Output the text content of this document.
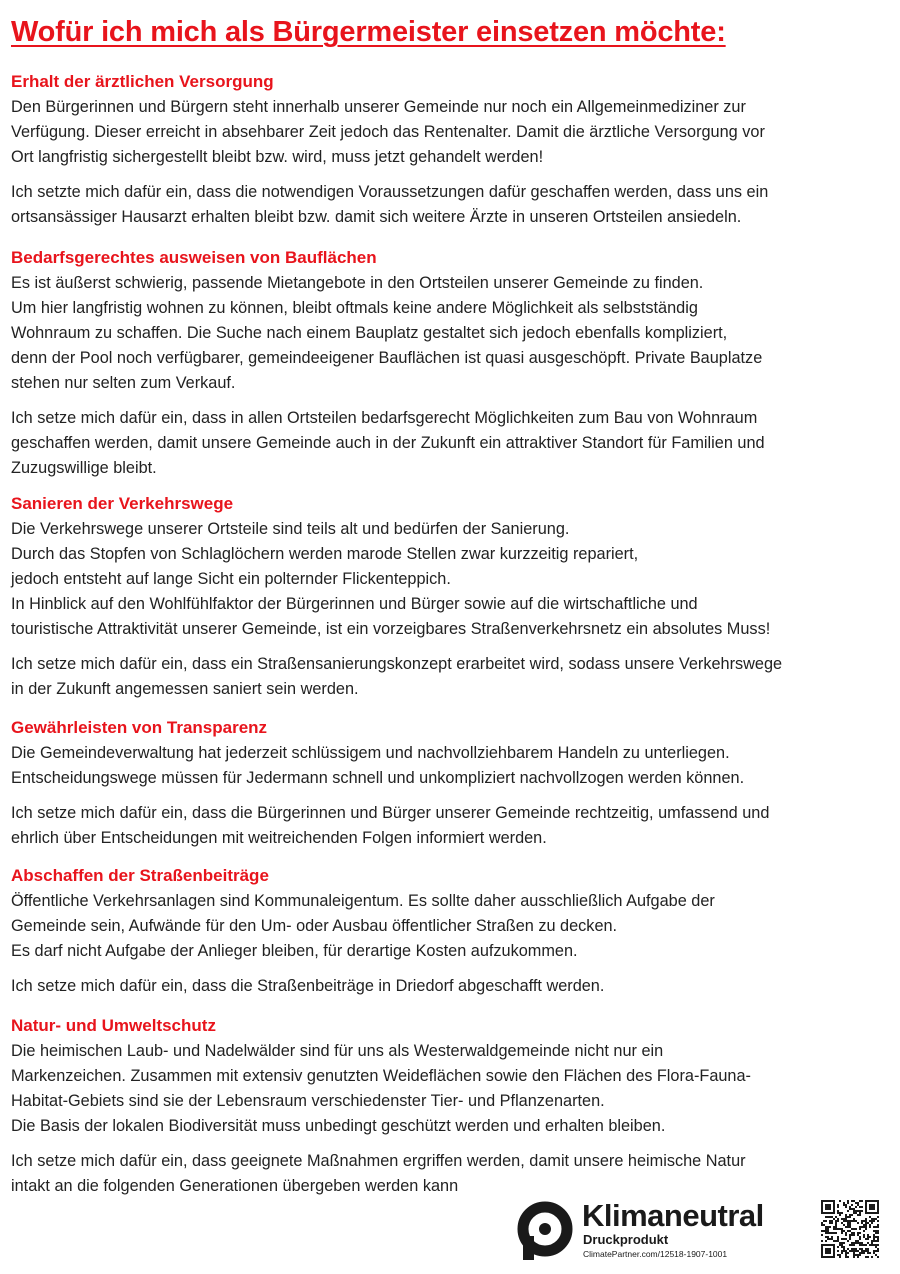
Wofür ich mich als Bürgermeister einsetzen möchte:
Erhalt der ärztlichen Versorgung

Den Bürgerinnen und Bürgern steht innerhalb unserer Gemeinde nur noch ein Allgemeinmediziner zur
Verfügung. Dieser erreicht in absehbarer Zeit jedoch das Rentenalter. Damit die ärztliche Versorgung vor
Ort langfristig sichergestellt bleibt bzw. wird, muss jetzt gehandelt werden!

Ich setzte mich dafür ein, dass die notwendigen Voraussetzungen dafür geschaffen werden, dass uns ein
ortsansässiger Hausarzt erhalten bleibt bzw. damit sich weitere Ärzte in unseren Ortsteilen ansiedeln.

Bedarfsgerechtes ausweisen von Bauflächen

Es ist äußerst schwierig, passende Mietangebote in den Ortsteilen unserer Gemeinde zu finden.
Um hier langfristig wohnen zu können, bleibt oftmals keine andere Möglichkeit als selbstständig
Wohnraum zu schaffen. Die Suche nach einem Bauplatz gestaltet sich jedoch ebenfalls kompliziert,
denn der Pool noch verfügbarer, gemeindeeigener Bauflächen ist quasi ausgeschöpft. Private Bauplatze
stehen nur selten zum Verkauf.

Ich setze mich dafür ein, dass in allen Ortsteilen bedarfsgerecht Möglichkeiten zum Bau von Wohnraum
geschaffen werden, damit unsere Gemeinde auch in der Zukunft ein attraktiver Standort für Familien und
Zuzugswillige bleibt.

Sanieren der Verkehrswege

Die Verkehrswege unserer Ortsteile sind teils alt und bedürfen der Sanierung.
Durch das Stopfen von Schlaglöchern werden marode Stellen zwar kurzzeitig repariert,
jedoch entsteht auf lange Sicht ein polternder Flickenteppich.
In Hinblick auf den Wohlfühlfaktor der Bürgerinnen und Bürger sowie auf die wirtschaftliche und
touristische Attraktivität unserer Gemeinde, ist ein vorzeigbares Straßenverkehrsnetz ein absolutes Muss!

Ich setze mich dafür ein, dass ein Straßensanierungskonzept erarbeitet wird, sodass unsere Verkehrswege
in der Zukunft angemessen saniert sein werden.

Gewährleisten von Transparenz

Die Gemeindeverwaltung hat jederzeit schlüssigem und nachvollziehbarem Handeln zu unterliegen.
Entscheidungswege müssen für Jedermann schnell und unkompliziert nachvollzogen werden können.

Ich setze mich dafür ein, dass die Bürgerinnen und Bürger unserer Gemeinde rechtzeitig, umfassend und
ehrlich über Entscheidungen mit weitreichenden Folgen informiert werden.

Abschaffen der Straßenbeiträge

Öffentliche Verkehrsanlagen sind Kommunaleigentum. Es sollte daher ausschließlich Aufgabe der
Gemeinde sein, Aufwände für den Um- oder Ausbau öffentlicher Straßen zu decken.
Es darf nicht Aufgabe der Anlieger bleiben, für derartige Kosten aufzukommen.

Ich setze mich dafür ein, dass die Straßenbeiträge in Driedorf abgeschafft werden.

Natur- und Umweltschutz

Die heimischen Laub- und Nadelwälder sind für uns als Westerwaldgemeinde nicht nur ein
Markenzeichen. Zusammen mit extensiv genutzten Weideflächen sowie den Flächen des Flora-Fauna-
Habitat-Gebiets sind sie der Lebensraum verschiedenster Tier- und Pflanzenarten.
Die Basis der lokalen Biodiversität muss unbedingt geschützt werden und erhalten bleiben.

Ich setze mich dafür ein, dass geeignete Maßnahmen ergriffen werden, damit unsere heimische Natur
intakt an die folgenden Generationen übergeben werden kann

Klimaneutral
Druckprodukt
ClimatePartner.com/12518-1907-1001
